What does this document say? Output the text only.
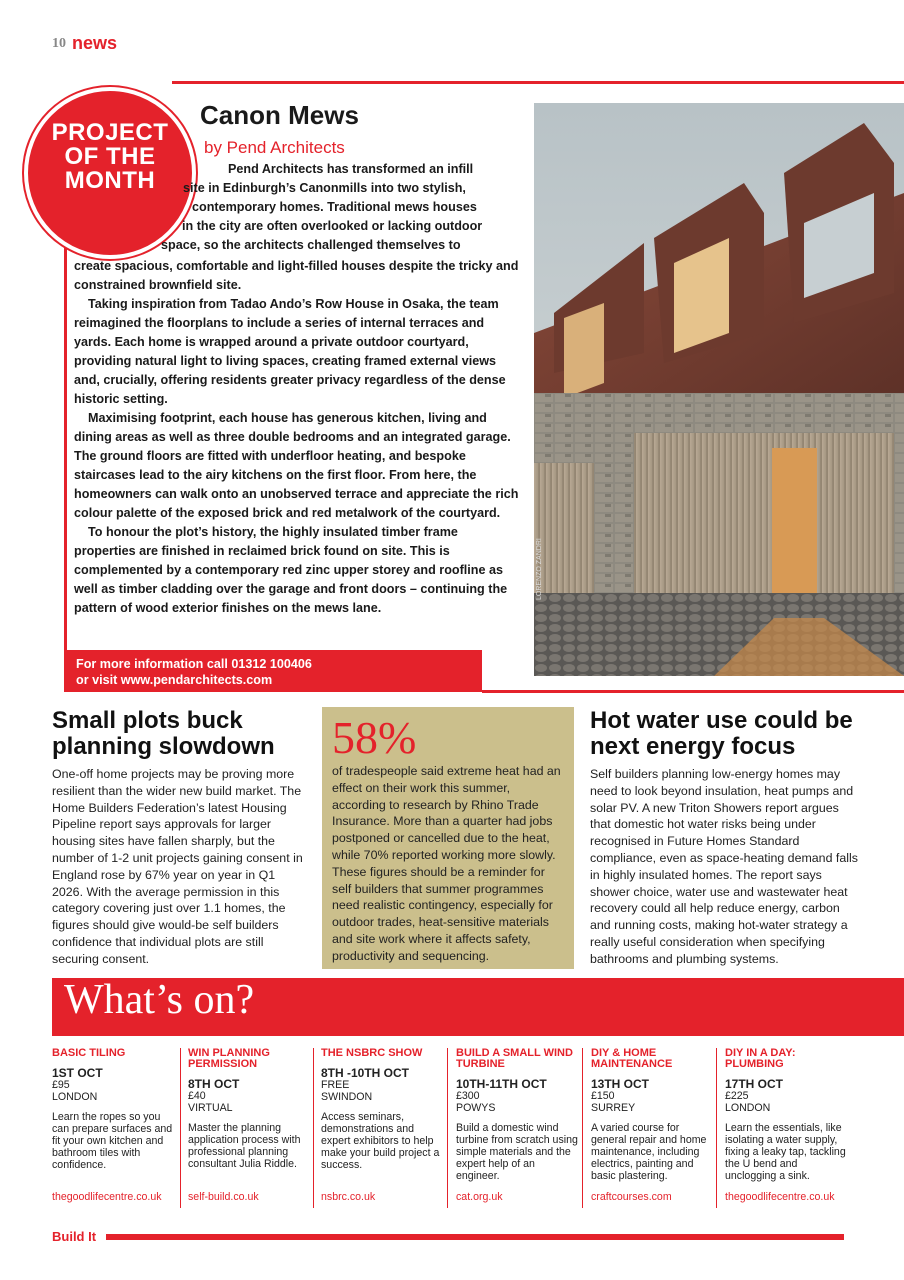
10 news
PROJECT
OF THE
MONTH
Canon Mews
by Pend Architects
Pend Architects has transformed an infill
site in Edinburgh’s Canonmills into two stylish,
contemporary homes. Traditional mews houses
in the city are often overlooked or lacking outdoor
space, so the architects challenged themselves to

create spacious, comfortable and light-filled houses despite the tricky and constrained brownfield site.

Taking inspiration from Tadao Ando’s Row House in Osaka, the team reimagined the floorplans to include a series of internal terraces and yards. Each home is wrapped around a private outdoor courtyard, providing natural light to living spaces, creating framed external views and, crucially, offering residents greater privacy regardless of the dense historic setting.

Maximising footprint, each house has generous kitchen, living and dining areas as well as three double bedrooms and an integrated garage. The ground floors are fitted with underfloor heating, and bespoke staircases lead to the airy kitchens on the first floor. From here, the homeowners can walk onto an unobserved terrace and appreciate the rich colour palette of the exposed brick and red metalwork of the courtyard.

To honour the plot’s history, the highly insulated timber frame properties are finished in reclaimed brick found on site. This is complemented by a contemporary red zinc upper storey and roofline as well as timber cladding over the garage and front doors – continuing the pattern of wood exterior finishes on the mews lane.

For more information call 01312 100406
or visit www.pendarchitects.com
LORENZO ZANDRI
Small plots buck planning slowdown
One-off home projects may be proving more resilient than the wider new build market. The Home Builders Federation’s latest Housing Pipeline report says approvals for larger housing sites have fallen sharply, but the number of 1-2 unit projects gaining consent in England rose by 67% year on year in Q1 2026. With the average permission in this category covering just over 1.1 homes, the figures should give would-be self builders confidence that individual plots are still securing consent.
58%
of tradespeople said extreme heat had an effect on their work this summer, according to research by Rhino Trade Insurance. More than a quarter had jobs postponed or cancelled due to the heat, while 70% reported working more slowly. These figures should be a reminder for self builders that summer programmes need realistic contingency, especially for outdoor trades, heat-sensitive materials and site work where it affects safety, productivity and sequencing.
Hot water use could be next energy focus
Self builders planning low-energy homes may need to look beyond insulation, heat pumps and solar PV. A new Triton Showers report argues that domestic hot water risks being under recognised in Future Homes Standard compliance, even as space-heating demand falls in highly insulated homes. The report says shower choice, water use and wastewater heat recovery could all help reduce energy, carbon and running costs, making hot-water strategy a really useful consideration when specifying bathrooms and plumbing systems.
What’s on?
BASIC TILING
1ST OCT
£95
LONDON
Learn the ropes so you can prepare surfaces and fit your own kitchen and bathroom tiles with confidence.
thegoodlifecentre.co.uk
WIN PLANNING PERMISSION
8TH OCT
£40
VIRTUAL
Master the planning application process with professional planning consultant Julia Riddle.
self-build.co.uk
THE NSBRC SHOW
8TH -10TH OCT
FREE
SWINDON
Access seminars, demonstrations and expert exhibitors to help make your build project a success.
nsbrc.co.uk
BUILD A SMALL WIND TURBINE
10TH-11TH OCT
£300
POWYS
Build a domestic wind turbine from scratch using simple materials and the expert help of an engineer.
cat.org.uk
DIY & HOME MAINTENANCE
13TH OCT
£150
SURREY
A varied course for general repair and home maintenance, including electrics, painting and basic plastering.
craftcourses.com
DIY IN A DAY: PLUMBING
17TH OCT
£225
LONDON
Learn the essentials, like isolating a water supply, fixing a leaky tap, tackling the U bend and unclogging a sink.
thegoodlifecentre.co.uk
Build It
